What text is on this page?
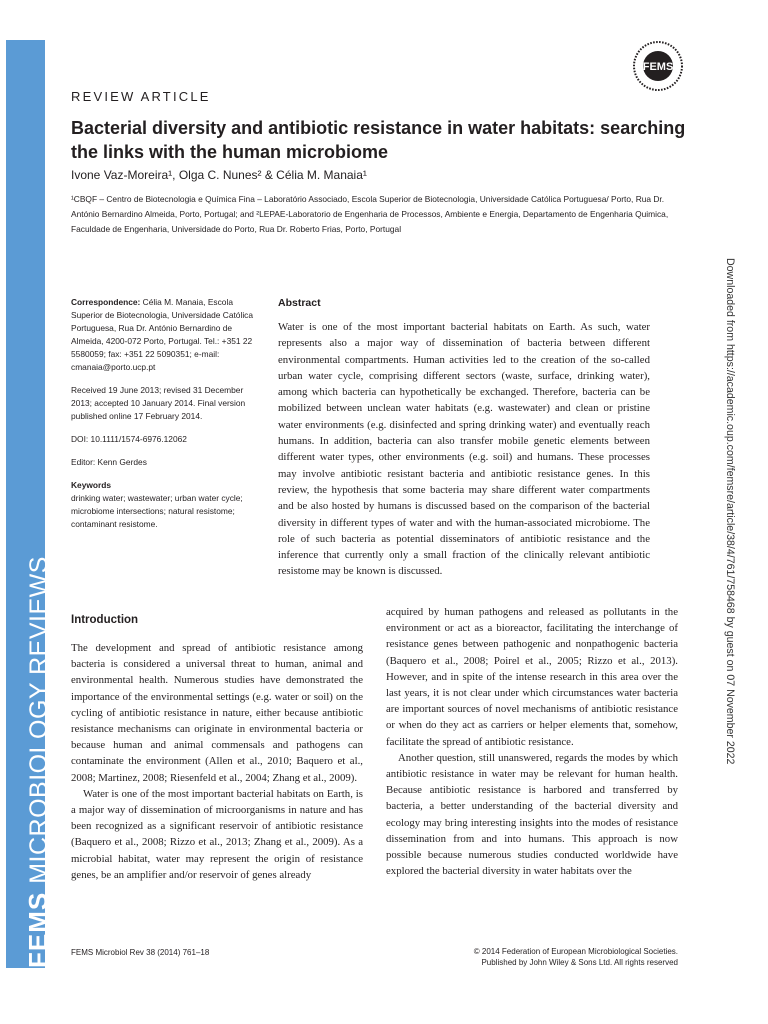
FEMSMICROBIOLOGY REVIEWS
FEMS
Downloaded from https://academic.oup.com/femsre/article/38/4/761/758468 by guest on 07 November 2022
REVIEW ARTICLE
Bacterial diversity and antibiotic resistance in water habitats: searching the links with the human microbiome
Ivone Vaz-Moreira¹, Olga C. Nunes² & Célia M. Manaia¹
¹CBQF – Centro de Biotecnologia e Química Fina – Laboratório Associado, Escola Superior de Biotecnologia, Universidade Católica Portuguesa/ Porto, Rua Dr. António Bernardino Almeida, Porto, Portugal; and ²LEPAE-Laboratorio de Engenharia de Processos, Ambiente e Energia, Departamento de Engenharia Quimica, Faculdade de Engenharia, Universidade do Porto, Rua Dr. Roberto Frias, Porto, Portugal

Correspondence: Célia M. Manaia, Escola Superior de Biotecnologia, Universidade Católica Portuguesa, Rua Dr. António Bernardino de Almeida, 4200-072 Porto, Portugal. Tel.: +351 22 5580059; fax: +351 22 5090351; e-mail: cmanaia@porto.ucp.pt

Received 19 June 2013; revised 31 December 2013; accepted 10 January 2014. Final version published online 17 February 2014.

DOI: 10.1111/1574-6976.12062

Editor: Kenn Gerdes

Keywords

drinking water; wastewater; urban water cycle; microbiome intersections; natural resistome; contaminant resistome.

Abstract

Water is one of the most important bacterial habitats on Earth. As such, water represents also a major way of dissemination of bacteria between different environmental compartments. Human activities led to the creation of the so-called urban water cycle, comprising different sectors (waste, surface, drinking water), among which bacteria can hypothetically be exchanged. Therefore, bacteria can be mobilized between unclean water habitats (e.g. wastewater) and clean or pristine water environments (e.g. disinfected and spring drinking water) and eventually reach humans. In addition, bacteria can also transfer mobile genetic elements between different water types, other environments (e.g. soil) and humans. These processes may involve antibiotic resistant bacteria and antibiotic resistance genes. In this review, the hypothesis that some bacteria may share different water compartments and be also hosted by humans is discussed based on the comparison of the bacterial diversity in different types of water and with the human-associated microbiome. The role of such bacteria as potential disseminators of antibiotic resistance and the inference that currently only a small fraction of the clinically relevant antibiotic resistome may be known is discussed.

Introduction

The development and spread of antibiotic resistance among bacteria is considered a universal threat to human, animal and environmental health. Numerous studies have demonstrated the importance of the environmental settings (e.g. water or soil) on the cycling of antibiotic resistance in nature, either because antibiotic resistance mechanisms can originate in environmental bacteria or because human and animal commensals and pathogens can contaminate the environment (Allen et al., 2010; Baquero et al., 2008; Martinez, 2008; Riesenfeld et al., 2004; Zhang et al., 2009).

Water is one of the most important bacterial habitats on Earth, is a major way of dissemination of microorganisms in nature and has been recognized as a significant reservoir of antibiotic resistance (Baquero et al., 2008; Rizzo et al., 2013; Zhang et al., 2009). As a microbial habitat, water may represent the origin of resistance genes, be an amplifier and/or reservoir of genes already

acquired by human pathogens and released as pollutants in the environment or act as a bioreactor, facilitating the interchange of resistance genes between pathogenic and nonpathogenic bacteria (Baquero et al., 2008; Poirel et al., 2005; Rizzo et al., 2013). However, and in spite of the intense research in this area over the last years, it is not clear under which circumstances water bacteria are important sources of novel mechanisms of antibiotic resistance or when do they act as carriers or helper elements that, somehow, facilitate the spread of antibiotic resistance.

Another question, still unanswered, regards the modes by which antibiotic resistance in water may be relevant for human health. Because antibiotic resistance is harbored and transferred by bacteria, a better understanding of the bacterial diversity and ecology may bring interesting insights into the modes of resistance dissemination from and into humans. This approach is now possible because numerous studies conducted worldwide have explored the bacterial diversity in water habitats over the

FEMS Microbiol Rev 38 (2014) 761–18	© 2014 Federation of European Microbiological Societies.
Published by John Wiley & Sons Ltd. All rights reserved
